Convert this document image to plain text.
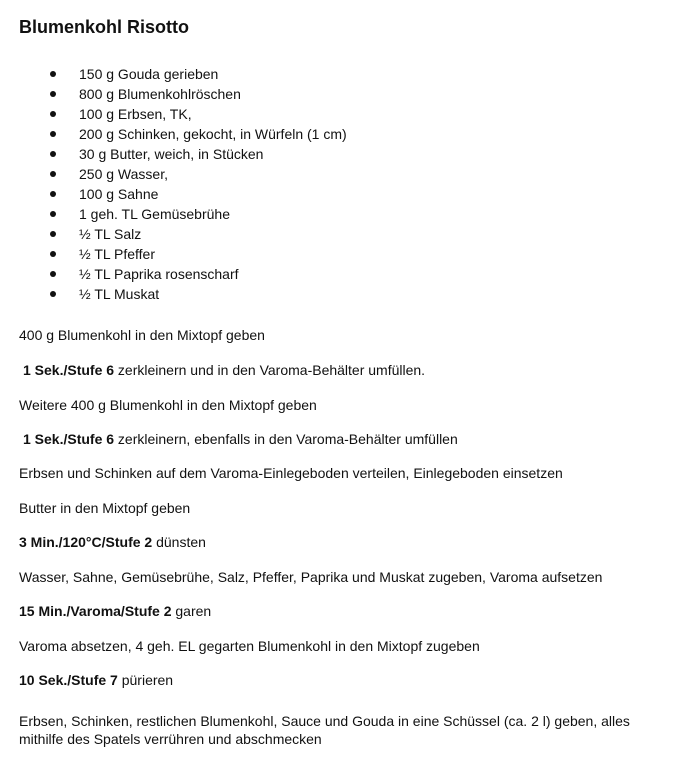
Blumenkohl Risotto
150 g Gouda gerieben
800 g Blumenkohlröschen
100 g Erbsen, TK,
200 g Schinken, gekocht, in Würfeln (1 cm)
30 g Butter, weich, in Stücken
250 g Wasser,
100 g Sahne
1 geh. TL Gemüsebrühe
½ TL Salz
½ TL Pfeffer
½ TL Paprika rosenscharf
½ TL Muskat

400 g Blumenkohl in den Mixtopf geben

1 Sek./Stufe 6 zerkleinern und in den Varoma-Behälter umfüllen.

Weitere 400 g Blumenkohl in den Mixtopf geben

1 Sek./Stufe 6 zerkleinern, ebenfalls in den Varoma-Behälter umfüllen

Erbsen und Schinken auf dem Varoma-Einlegeboden verteilen, Einlegeboden einsetzen

Butter in den Mixtopf geben

3 Min./120°C/Stufe 2 dünsten

Wasser, Sahne, Gemüsebrühe, Salz, Pfeffer, Paprika und Muskat zugeben, Varoma aufsetzen

15 Min./Varoma/Stufe 2 garen

Varoma absetzen, 4 geh. EL gegarten Blumenkohl in den Mixtopf zugeben

10 Sek./Stufe 7 pürieren

Erbsen, Schinken, restlichen Blumenkohl, Sauce und Gouda in eine Schüssel (ca. 2 l) geben, alles mithilfe des Spatels verrühren und abschmecken
